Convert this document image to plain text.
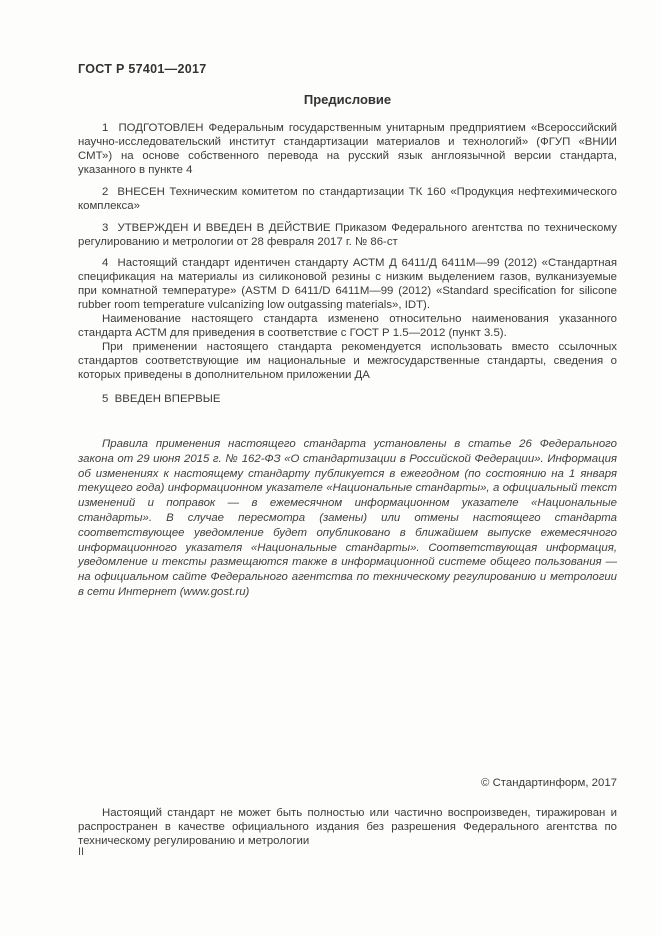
ГОСТ Р 57401—2017
Предисловие

1  ПОДГОТОВЛЕН Федеральным государственным унитарным предприятием «Всероссийский научно-исследовательский институт стандартизации материалов и технологий» (ФГУП «ВНИИ СМТ») на основе собственного перевода на русский язык англоязычной версии стандарта, указанного в пункте 4

2  ВНЕСЕН Техническим комитетом по стандартизации ТК 160 «Продукция нефтехимического комплекса»

3  УТВЕРЖДЕН И ВВЕДЕН В ДЕЙСТВИЕ Приказом Федерального агентства по техническому регулированию и метрологии от 28 февраля 2017 г. № 86-ст

4  Настоящий стандарт идентичен стандарту АСТМ Д 6411/Д 6411М—99 (2012) «Стандартная спецификация на материалы из силиконовой резины с низким выделением газов, вулканизуемые при комнатной температуре» (ASTM D 6411/D 6411M—99 (2012) «Standard specification for silicone rubber room temperature vulcanizing low outgassing materials», IDT).

Наименование настоящего стандарта изменено относительно наименования указанного стандарта АСТМ для приведения в соответствие с ГОСТ Р 1.5—2012 (пункт 3.5).

При применении настоящего стандарта рекомендуется использовать вместо ссылочных стандартов соответствующие им национальные и межгосударственные стандарты, сведения о которых приведены в дополнительном приложении ДА

5  ВВЕДЕН ВПЕРВЫЕ

Правила применения настоящего стандарта установлены в статье 26 Федерального закона от 29 июня 2015 г. № 162-ФЗ «О стандартизации в Российской Федерации». Информация об изменениях к настоящему стандарту публикуется в ежегодном (по состоянию на 1 января текущего года) информационном указателе «Национальные стандарты», а официальный текст изменений и поправок — в ежемесячном информационном указателе «Национальные стандарты». В случае пересмотра (замены) или отмены настоящего стандарта соответствующее уведомление будет опубликовано в ближайшем выпуске ежемесячного информационного указателя «Национальные стандарты». Соответствующая информация, уведомление и тексты размещаются также в информационной системе общего пользования — на официальном сайте Федерального агентства по техническому регулированию и метрологии в сети Интернет (www.gost.ru)

© Стандартинформ, 2017

Настоящий стандарт не может быть полностью или частично воспроизведен, тиражирован и распространен в качестве официального издания без разрешения Федерального агентства по техническому регулированию и метрологии

II
